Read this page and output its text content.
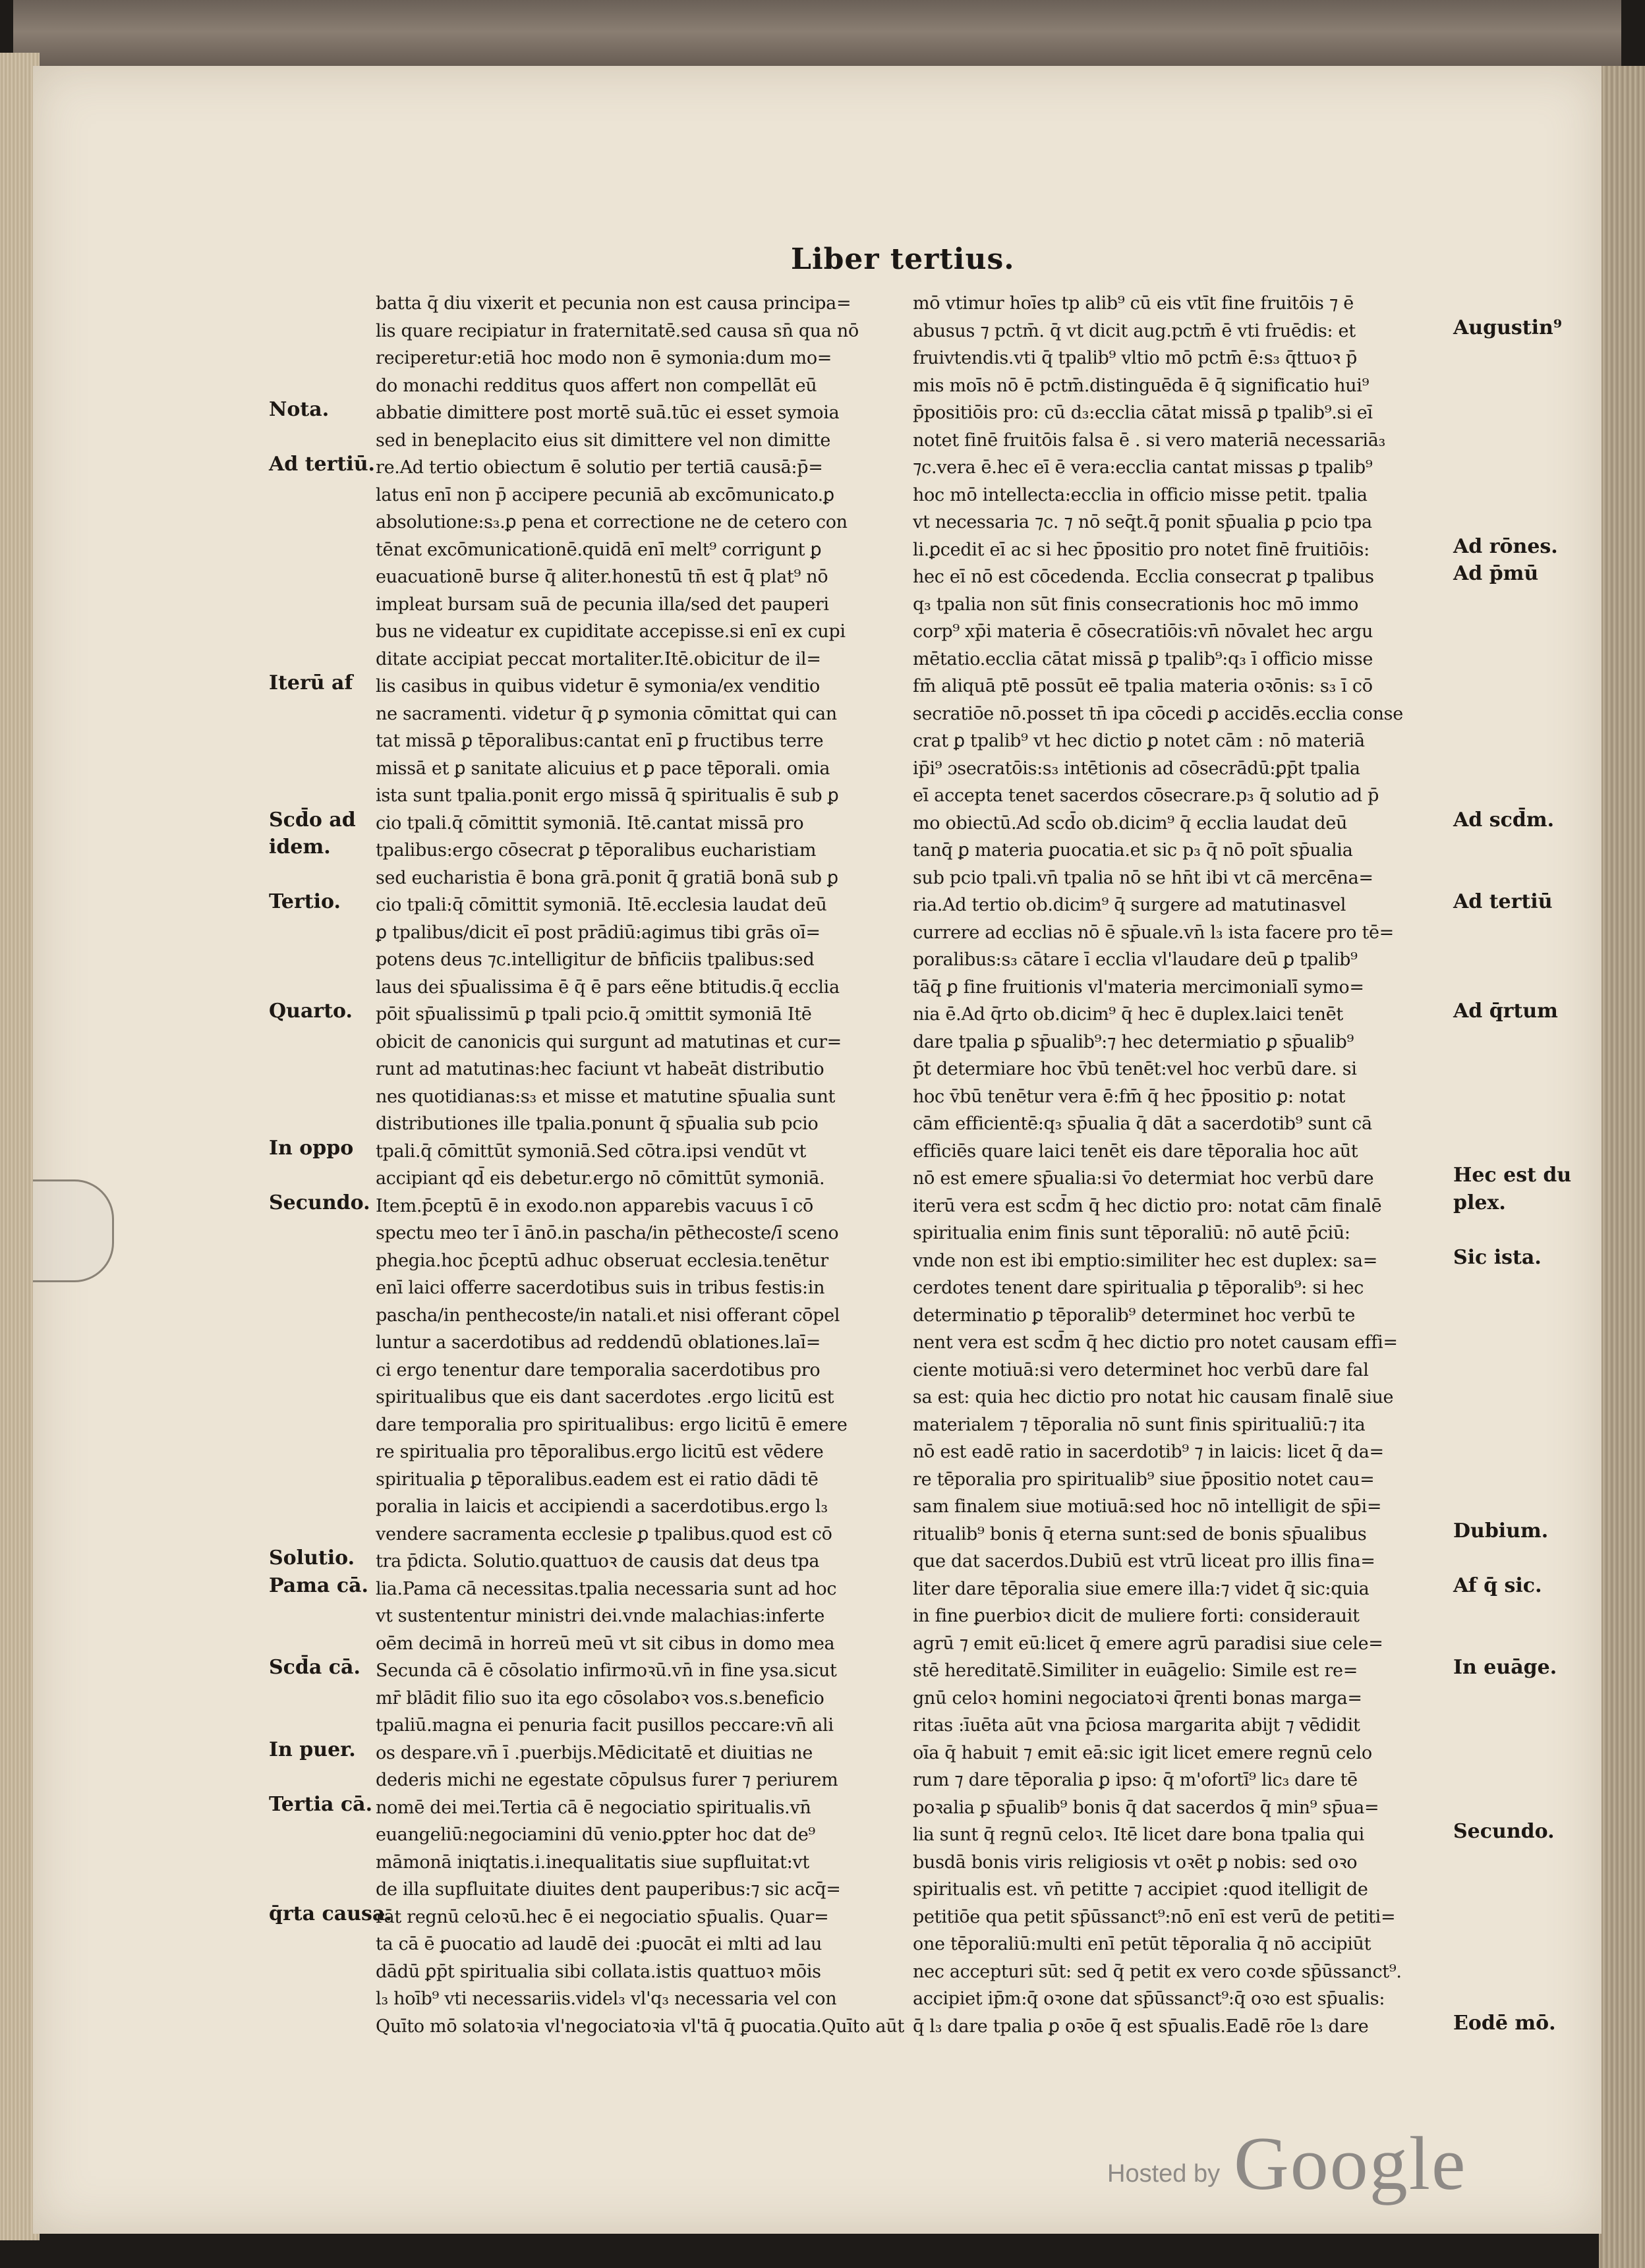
Liber tertius.
batta q̄ diu vixerit et pecunia non est causa principa=
lis quare recipiatur in fraternitatē.sed causa sn̄ qua nō
reciperetur:etiā hoc modo non ē symonia:dum mo=
do monachi redditus quos affert non compellāt eū
abbatie dimittere post mortē suā.tūc ei esset symoia
sed in beneplacito eius sit dimittere vel non dimitte
re.Ad tertio obiectum ē solutio per tertiā causā:p̄=
latus enī non p̄ accipere pecuniā ab excōmunicato.ꝑ
absolutione:s₃.ꝑ pena et correctione ne de cetero con
tēnat excōmunicationē.quidā enī melt⁹ corrigunt ꝑ
euacuationē burse q̄ aliter.honestū tn̄ est q̄ plat⁹ nō
impleat bursam suā de pecunia illa/sed det pauperi
bus ne videatur ex cupiditate accepisse.si enī ex cupi
ditate accipiat peccat mortaliter.Itē.obicitur de il=
lis casibus in quibus videtur ē symonia/ex venditio
ne sacramenti. videtur q̄ ꝑ symonia cōmittat qui can
tat missā ꝑ tēporalibus:cantat enī ꝑ fructibus terre
missā et ꝑ sanitate alicuius et ꝑ pace tēporali. omia
ista sunt tpalia.ponit ergo missā q̄ spiritualis ē sub ꝑ
cio tpali.q̄ cōmittit symoniā. Itē.cantat missā pro
tpalibus:ergo cōsecrat ꝑ tēporalibus eucharistiam
sed eucharistia ē bona grā.ponit q̄ gratiā bonā sub ꝑ
cio tpali:q̄ cōmittit symoniā. Itē.ecclesia laudat deū
ꝑ tpalibus/dicit eī post prādiū:agimus tibi grās oī=
potens deus ⁊c.intelligitur de bn̄ficiis tpalibus:sed
laus dei sp̄ualissima ē q̄ ē pars eẽne btitudis.q̄ ecclia
pōit sp̄ualissimū ꝑ tpali pcio.q̄ ɔmittit symoniā Itē
obicit de canonicis qui surgunt ad matutinas et cur=
runt ad matutinas:hec faciunt vt habeāt distributio
nes quotidianas:s₃ et misse et matutine sp̄ualia sunt
distributiones ille tpalia.ponunt q̄ sp̄ualia sub pcio
tpali.q̄ cōmittūt symoniā.Sed cōtra.ipsi vendūt vt
accipiant qd̄ eis debetur.ergo nō cōmittūt symoniā.
Item.p̄ceptū ē in exodo.non apparebis vacuus ī cō
spectu meo ter ī ānō.in pascha/in pēthecoste/ī sceno
phegia.hoc p̄ceptū adhuc obseruat ecclesia.tenētur
enī laici offerre sacerdotibus suis in tribus festis:in
pascha/in penthecoste/in natali.et nisi offerant cōpel
luntur a sacerdotibus ad reddendū oblationes.laī=
ci ergo tenentur dare temporalia sacerdotibus pro
spiritualibus que eis dant sacerdotes .ergo licitū est
dare temporalia pro spiritualibus: ergo licitū ē emere
re spiritualia pro tēporalibus.ergo licitū est vēdere
spiritualia ꝑ tēporalibus.eadem est ei ratio dādi tē
poralia in laicis et accipiendi a sacerdotibus.ergo l₃
vendere sacramenta ecclesie ꝑ tpalibus.quod est cō
tra p̄dicta. Solutio.quattuoꝛ de causis dat deus tpa
lia.Pama cā necessitas.tpalia necessaria sunt ad hoc
vt sustententur ministri dei.vnde malachias:inferte
oēm decimā in horreū meū vt sit cibus in domo mea
Secunda cā ē cōsolatio infirmoꝛū.vn̄ in fine ysa.sicut
mr̄ blādit filio suo ita ego cōsolaboꝛ vos.s.beneficio
tpaliū.magna ei penuria facit pusillos peccare:vn̄ ali
os despare.vn̄ ī .puerbijs.Mēdicitatē et diuitias ne
dederis michi ne egestate cōpulsus furer ⁊ periurem
nomē dei mei.Tertia cā ē negociatio spiritualis.vn̄
euangeliū:negociamini dū venio.ꝑpter hoc dat de⁹
māmonā iniqtatis.i.inequalitatis siue supfluitat:vt
de illa supfluitate diuites dent pauperibus:⁊ sic acq̄=
rāt regnū celoꝛū.hec ē ei negociatio sp̄ualis. Quar=
ta cā ē ꝑuocatio ad laudē dei :ꝑuocāt ei mlti ad lau
dādū ꝑp̄t spiritualia sibi collata.istis quattuoꝛ mōis
l₃ hoīb⁹ vti necessariis.videl₃ vl'q₃ necessaria vel con
Quīto mō solatoꝛia vl'negociatoꝛia vl'tā q̄ ꝑuocatia.Quīto aūt
mō vtimur hoīes tp alib⁹ cū eis vtīt fine fruitōis ⁊ ē
abusus ⁊ pctm̄. q̄ vt dicit aug.pctm̄ ē vti fruēdis: et
fruivtendis.vti q̄ tpalib⁹ vltio mō pctm̄ ē:s₃ q̄ttuoꝛ p̄
mis moīs nō ē pctm̄.distinguēda ē q̄ significatio hui⁹
p̄positiōis pro: cū d₃:ecclia cātat missā ꝑ tpalib⁹.si eī
notet finē fruitōis falsa ē . si vero materiā necessariā₃
⁊c.vera ē.hec eī ē vera:ecclia cantat missas ꝑ tpalib⁹
hoc mō intellecta:ecclia in officio misse petit. tpalia
vt necessaria ⁊c. ⁊ nō seq̄t.q̄ ponit sp̄ualia ꝑ pcio tpa
li.ꝑcedit eī ac si hec p̄positio pro notet finē fruitiōis:
hec eī nō est cōcedenda. Ecclia consecrat ꝑ tpalibus
q₃ tpalia non sūt finis consecrationis hoc mō immo
corp⁹ xp̄i materia ē cōsecratiōis:vn̄ nōvalet hec argu
mētatio.ecclia cātat missā ꝑ tpalib⁹:q₃ ī officio misse
fm̄ aliquā ptē possūt eē tpalia materia oꝛōnis: s₃ ī cō
secratiōe nō.posset tn̄ ipa cōcedi ꝑ accidēs.ecclia conse
crat ꝑ tpalib⁹ vt hec dictio ꝑ notet cām : nō materiā
ip̄i⁹ ɔsecratōis:s₃ intētionis ad cōsecrādū:ꝑp̄t tpalia
eī accepta tenet sacerdos cōsecrare.p₃ q̄ solutio ad p̄
mo obiectū.Ad scd̄o ob.dicim⁹ q̄ ecclia laudat deū
tanq̄ ꝑ materia ꝑuocatia.et sic p₃ q̄ nō poīt sp̄ualia
sub pcio tpali.vn̄ tpalia nō se hn̄t ibi vt cā mercēna=
ria.Ad tertio ob.dicim⁹ q̄ surgere ad matutinasvel
currere ad ecclias nō ē sp̄uale.vn̄ l₃ ista facere pro tē=
poralibus:s₃ cātare ī ecclia vl'laudare deū ꝑ tpalib⁹
tāq̄ ꝑ fine fruitionis vl'materia mercimonialī symo=
nia ē.Ad q̄rto ob.dicim⁹ q̄ hec ē duplex.laici tenēt
dare tpalia ꝑ sp̄ualib⁹:⁊ hec determiatio ꝑ sp̄ualib⁹
p̄t determiare hoc v̄bū tenēt:vel hoc verbū dare. si
hoc v̄bū tenētur vera ē:fm̄ q̄ hec p̄positio ꝑ: notat
cām efficientē:q₃ sp̄ualia q̄ dāt a sacerdotib⁹ sunt cā
efficiēs quare laici tenēt eis dare tēporalia hoc aūt
nō est emere sp̄ualia:si v̄o determiat hoc verbū dare
iterū vera est scd̄m q̄ hec dictio pro: notat cām finalē
spiritualia enim finis sunt tēporaliū: nō autē p̄ciū:
vnde non est ibi emptio:similiter hec est duplex: sa=
cerdotes tenent dare spiritualia ꝑ tēporalib⁹: si hec
determinatio ꝑ tēporalib⁹ determinet hoc verbū te
nent vera est scd̄m q̄ hec dictio pro notet causam effi=
ciente motiuā:si vero determinet hoc verbū dare fal
sa est: quia hec dictio pro notat hic causam finalē siue
materialem ⁊ tēporalia nō sunt finis spiritualiū:⁊ ita
nō est eadē ratio in sacerdotib⁹ ⁊ in laicis: licet q̄ da=
re tēporalia pro spiritualib⁹ siue p̄positio notet cau=
sam finalem siue motiuā:sed hoc nō intelligit de sp̄i=
ritualib⁹ bonis q̄ eterna sunt:sed de bonis sp̄ualibus
que dat sacerdos.Dubiū est vtrū liceat pro illis fina=
liter dare tēporalia siue emere illa:⁊ videt q̄ sic:quia
in fine ꝑuerbioꝛ dicit de muliere forti: considerauit
agrū ⁊ emit eū:licet q̄ emere agrū paradisi siue cele=
stē hereditatē.Similiter in euāgelio: Simile est re=
gnū celoꝛ homini negociatoꝛi q̄renti bonas marga=
ritas :īuēta aūt vna p̄ciosa margarita abijt ⁊ vēdidit
oīa q̄ habuit ⁊ emit eā:sic igit licet emere regnū celo
rum ⁊ dare tēporalia ꝑ ipso: q̄ m'ofortī⁹ lic₃ dare tē
poꝛalia ꝑ sp̄ualib⁹ bonis q̄ dat sacerdos q̄ min⁹ sp̄ua=
lia sunt q̄ regnū celoꝛ. Itē licet dare bona tpalia qui
busdā bonis viris religiosis vt oꝛēt ꝑ nobis: sed oꝛo
spiritualis est. vn̄ petitte ⁊ accipiet :quod itelligit de
petitiōe qua petit sp̄ūssanct⁹:nō enī est verū de petiti=
one tēporaliū:multi enī petūt tēporalia q̄ nō accipiūt
nec accepturi sūt: sed q̄ petit ex vero coꝛde sp̄ūssanct⁹.
accipiet ip̄m:q̄ oꝛone dat sp̄ūssanct⁹:q̄ oꝛo est sp̄ualis:
q̄ l₃ dare tpalia ꝑ oꝛōe q̄ est sp̄ualis.Eadē rōe l₃ dare
Nota.
Ad tertiū.
Iterū af
Scd̄o ad
idem.
Tertio.
Quarto.
In oppo
Secundo.
Solutio.
Pama cā.
Scd̄a cā.
In puer.
Tertia cā.
q̄rta causa.
Augustin⁹
Ad rōnes.
Ad p̄mū
Ad scd̄m.
Ad tertiū
Ad q̄rtum
Hec est du
plex.
Sic ista.
Dubium.
Af q̄ sic.
In euāge.
Secundo.
Eodē mō.
Hosted by Google
